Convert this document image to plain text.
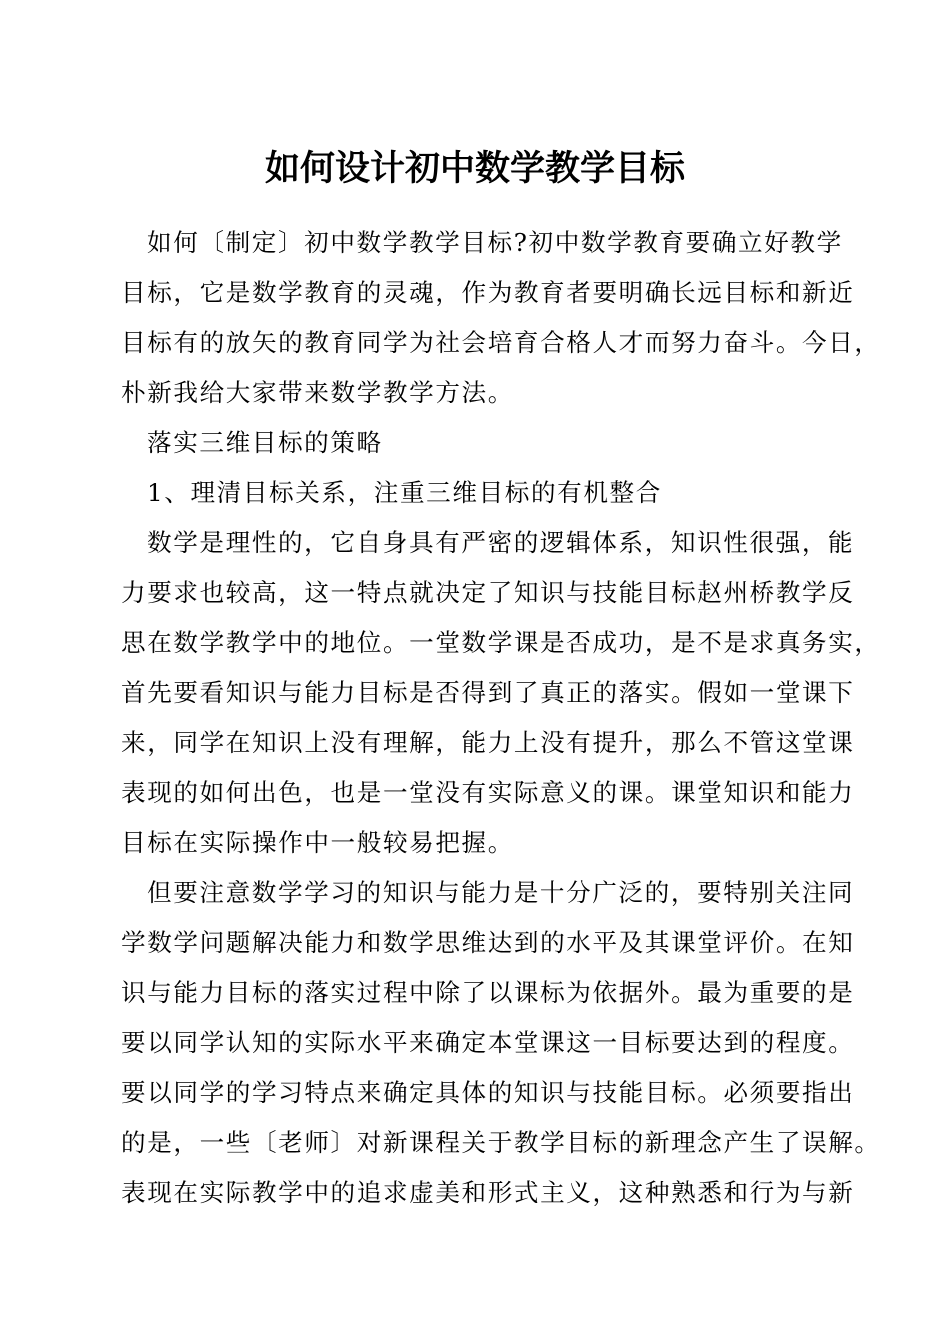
如何设计初中数学教学目标
如何〔制定〕初中数学教学目标?初中数学教育要确立好教学
目标，它是数学教育的灵魂，作为教育者要明确长远目标和新近
目标有的放矢的教育同学为社会培育合格人才而努力奋斗。今日，
朴新我给大家带来数学教学方法。
落实三维目标的策略
1、理清目标关系，注重三维目标的有机整合
数学是理性的，它自身具有严密的逻辑体系，知识性很强，能
力要求也较高，这一特点就决定了知识与技能目标赵州桥教学反
思在数学教学中的地位。一堂数学课是否成功，是不是求真务实，
首先要看知识与能力目标是否得到了真正的落实。假如一堂课下
来，同学在知识上没有理解，能力上没有提升，那么不管这堂课
表现的如何出色，也是一堂没有实际意义的课。课堂知识和能力
目标在实际操作中一般较易把握。
但要注意数学学习的知识与能力是十分广泛的，要特别关注同
学数学问题解决能力和数学思维达到的水平及其课堂评价。在知
识与能力目标的落实过程中除了以课标为依据外。最为重要的是
要以同学认知的实际水平来确定本堂课这一目标要达到的程度。
要以同学的学习特点来确定具体的知识与技能目标。必须要指出
的是，一些〔老师〕对新课程关于教学目标的新理念产生了误解。
表现在实际教学中的追求虚美和形式主义，这种熟悉和行为与新
